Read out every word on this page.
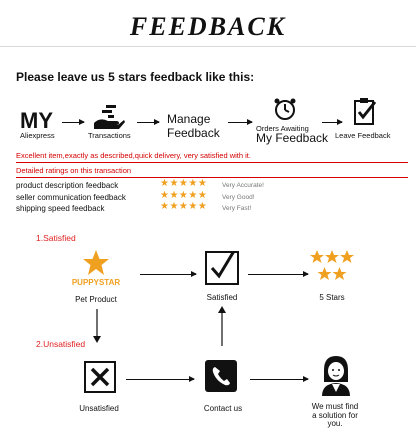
FEEDBACK
Please leave us 5 stars feedback like this:
MY
Aliexpress	Transactions
Manage
Feedback	Orders Awaiting
My Feedback Leave Feedback
Excellent item,exactly as described,quick delivery, very satisfied with it.
Detailed ratings on this transaction
product description feedback	★★★★★ Very Accurate!
seller communication feedback	★★★★★ Very Good!
shipping speed feedback	★★★★★ Very Fast!
1.Satisfied
PUPPYSTAR
Pet Product	Satisfied	5 Stars
2.Unsatisfied
Unsatisfied	Contact us	We must find
a solution for
you.
